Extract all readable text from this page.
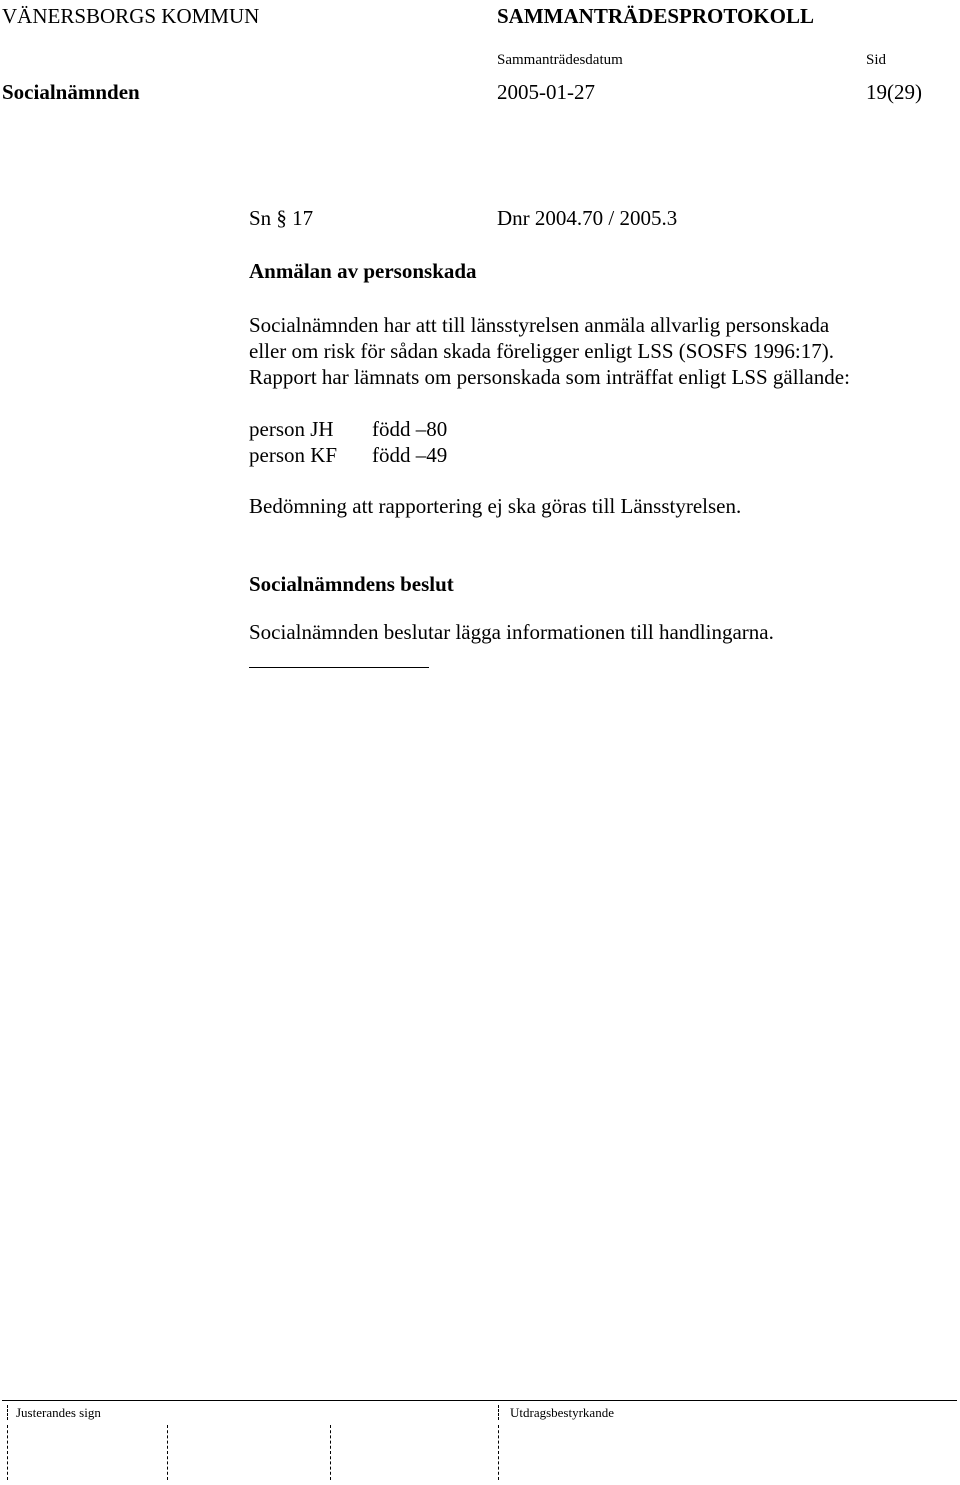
VÄNERSBORGS KOMMUN	SAMMANTRÄDESPROTOKOLL
Sammanträdesdatum	Sid
Socialnämnden	2005-01-27	19(29)
Sn § 17	Dnr 2004.70 / 2005.3
Anmälan av personskada
Socialnämnden har att till länsstyrelsen anmäla allvarlig personskada
eller om risk för sådan skada föreligger enligt LSS (SOSFS 1996:17).
Rapport har lämnats om personskada som inträffat enligt LSS gällande:
person JH	född –80
person KF	född –49
Bedömning att rapportering ej ska göras till Länsstyrelsen.
Socialnämndens beslut
Socialnämnden beslutar lägga informationen till handlingarna.
Justerandes sign	Utdragsbestyrkande
